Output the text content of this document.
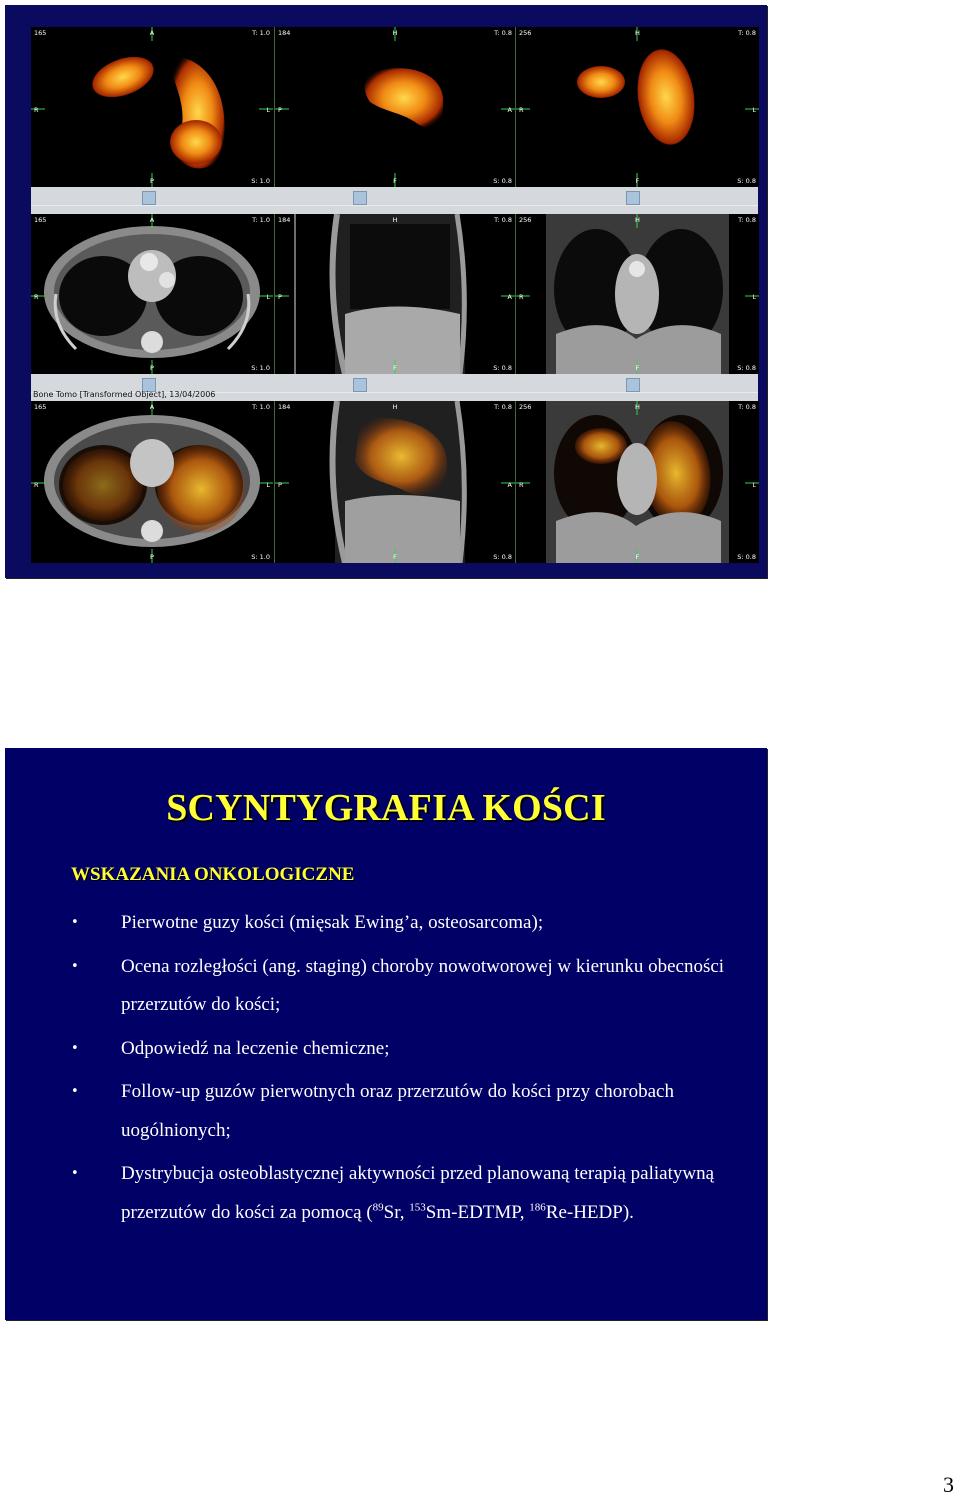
165	A	T: 1.0
R	L
P	S: 1.0
184	H	T: 0.8
P	A
F	S: 0.8
256	H	T: 0.8
R	L
F	S: 0.8
165	A	T: 1.0
R	L
P	S: 1.0
184	H	T: 0.8
P	A
F	S: 0.8
256	H	T: 0.8
R	L
F	S: 0.8
Bone Tomo [Transformed Object], 13/04/2006
165	A	T: 1.0
R	L
P	S: 1.0
184	H	T: 0.8
P	A
F	S: 0.8
256	H	T: 0.8
R	L
F	S: 0.8
SCYNTYGRAFIA KOŚCI
WSKAZANIA ONKOLOGICZNE
• Pierwotne guzy kości (mięsak Ewing’a, osteosarcoma);
• Ocena rozległości (ang. staging) choroby nowotworowej w kierunku obecności przerzutów do kości;
• Odpowiedź na leczenie chemiczne;
• Follow-up guzów pierwotnych oraz przerzutów do kości przy chorobach uogólnionych;
• Dystrybucja osteoblastycznej aktywności przed planowaną terapią paliatywną przerzutów do kości za pomocą ($^{89}$Sr, $^{153}$Sm-EDTMP, $^{186}$Re-HEDP).
3
